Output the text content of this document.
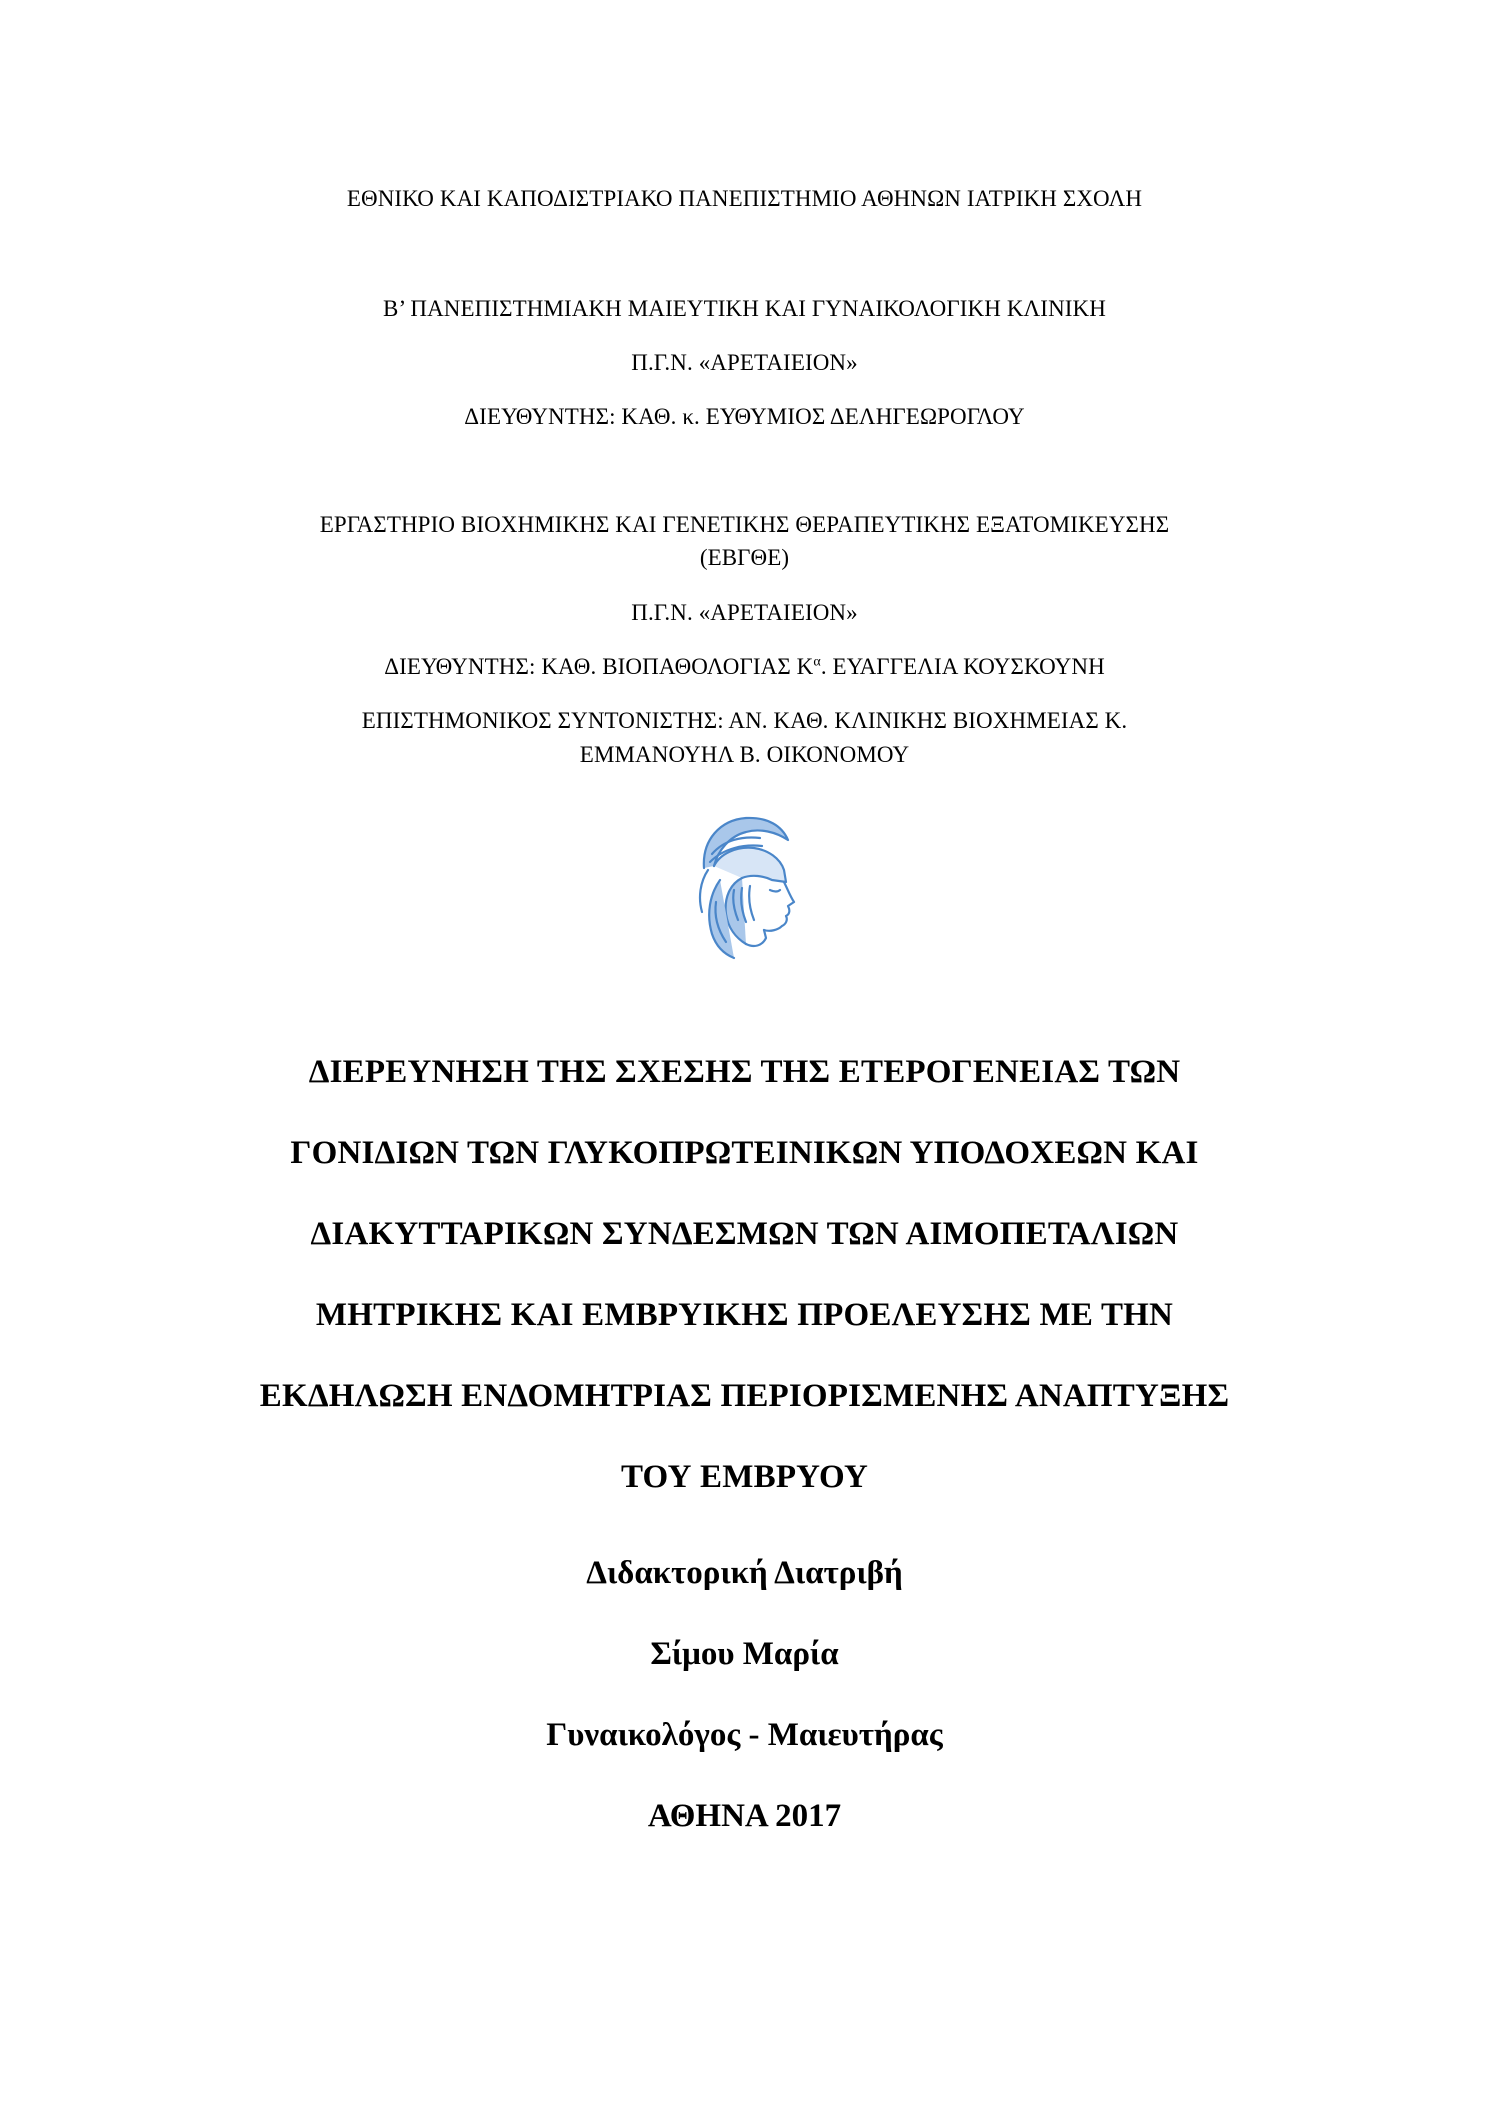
ΕΘΝΙΚΟ ΚΑΙ ΚΑΠΟΔΙΣΤΡΙΑΚΟ ΠΑΝΕΠΙΣΤΗΜΙΟ ΑΘΗΝΩΝ ΙΑΤΡΙΚΗ ΣΧΟΛΗ
Β’ ΠΑΝΕΠΙΣΤΗΜΙΑΚΗ ΜΑΙΕΥΤΙΚΗ ΚΑΙ ΓΥΝΑΙΚΟΛΟΓΙΚΗ ΚΛΙΝΙΚΗ
Π.Γ.Ν. «ΑΡΕΤΑΙΕΙΟΝ»
ΔΙΕΥΘΥΝΤΗΣ: ΚΑΘ. κ. ΕΥΘΥΜΙΟΣ ΔΕΛΗΓΕΩΡΟΓΛΟΥ
ΕΡΓΑΣΤΗΡΙΟ ΒΙΟΧΗΜΙΚΗΣ ΚΑΙ ΓΕΝΕΤΙΚΗΣ ΘΕΡΑΠΕΥΤΙΚΗΣ ΕΞΑΤΟΜΙΚΕΥΣΗΣ
(ΕΒΓΘΕ)
Π.Γ.Ν. «ΑΡΕΤΑΙΕΙΟΝ»
ΔΙΕΥΘΥΝΤΗΣ: ΚΑΘ. ΒΙΟΠΑΘΟΛΟΓΙΑΣ $K^\alpha$. ΕΥΑΓΓΕΛΙΑ ΚΟΥΣΚΟΥΝΗ
ΕΠΙΣΤΗΜΟΝΙΚΟΣ ΣΥΝΤΟΝΙΣΤΗΣ: ΑΝ. ΚΑΘ. ΚΛΙΝΙΚΗΣ ΒΙΟΧΗΜΕΙΑΣ Κ.
ΕΜΜΑΝΟΥΗΛ Β. ΟΙΚΟΝΟΜΟΥ
ΔΙΕΡΕΥΝΗΣΗ ΤΗΣ ΣΧΕΣΗΣ ΤΗΣ ΕΤΕΡΟΓΕΝΕΙΑΣ ΤΩΝ
ΓΟΝΙΔΙΩΝ ΤΩΝ ΓΛΥΚΟΠΡΩΤΕΙΝΙΚΩΝ ΥΠΟΔΟΧΕΩΝ ΚΑΙ
ΔΙΑΚΥΤΤΑΡΙΚΩΝ ΣΥΝΔΕΣΜΩΝ ΤΩΝ ΑΙΜΟΠΕΤΑΛΙΩΝ
ΜΗΤΡΙΚΗΣ ΚΑΙ ΕΜΒΡΥΙΚΗΣ ΠΡΟΕΛΕΥΣΗΣ ΜΕ ΤΗΝ
ΕΚΔΗΛΩΣΗ ΕΝΔΟΜΗΤΡΙΑΣ ΠΕΡΙΟΡΙΣΜΕΝΗΣ ΑΝΑΠΤΥΞΗΣ
ΤΟΥ ΕΜΒΡΥΟΥ
Διδακτορική Διατριβή
Σίμου Μαρία
Γυναικολόγος - Μαιευτήρας
ΑΘΗΝΑ 2017
